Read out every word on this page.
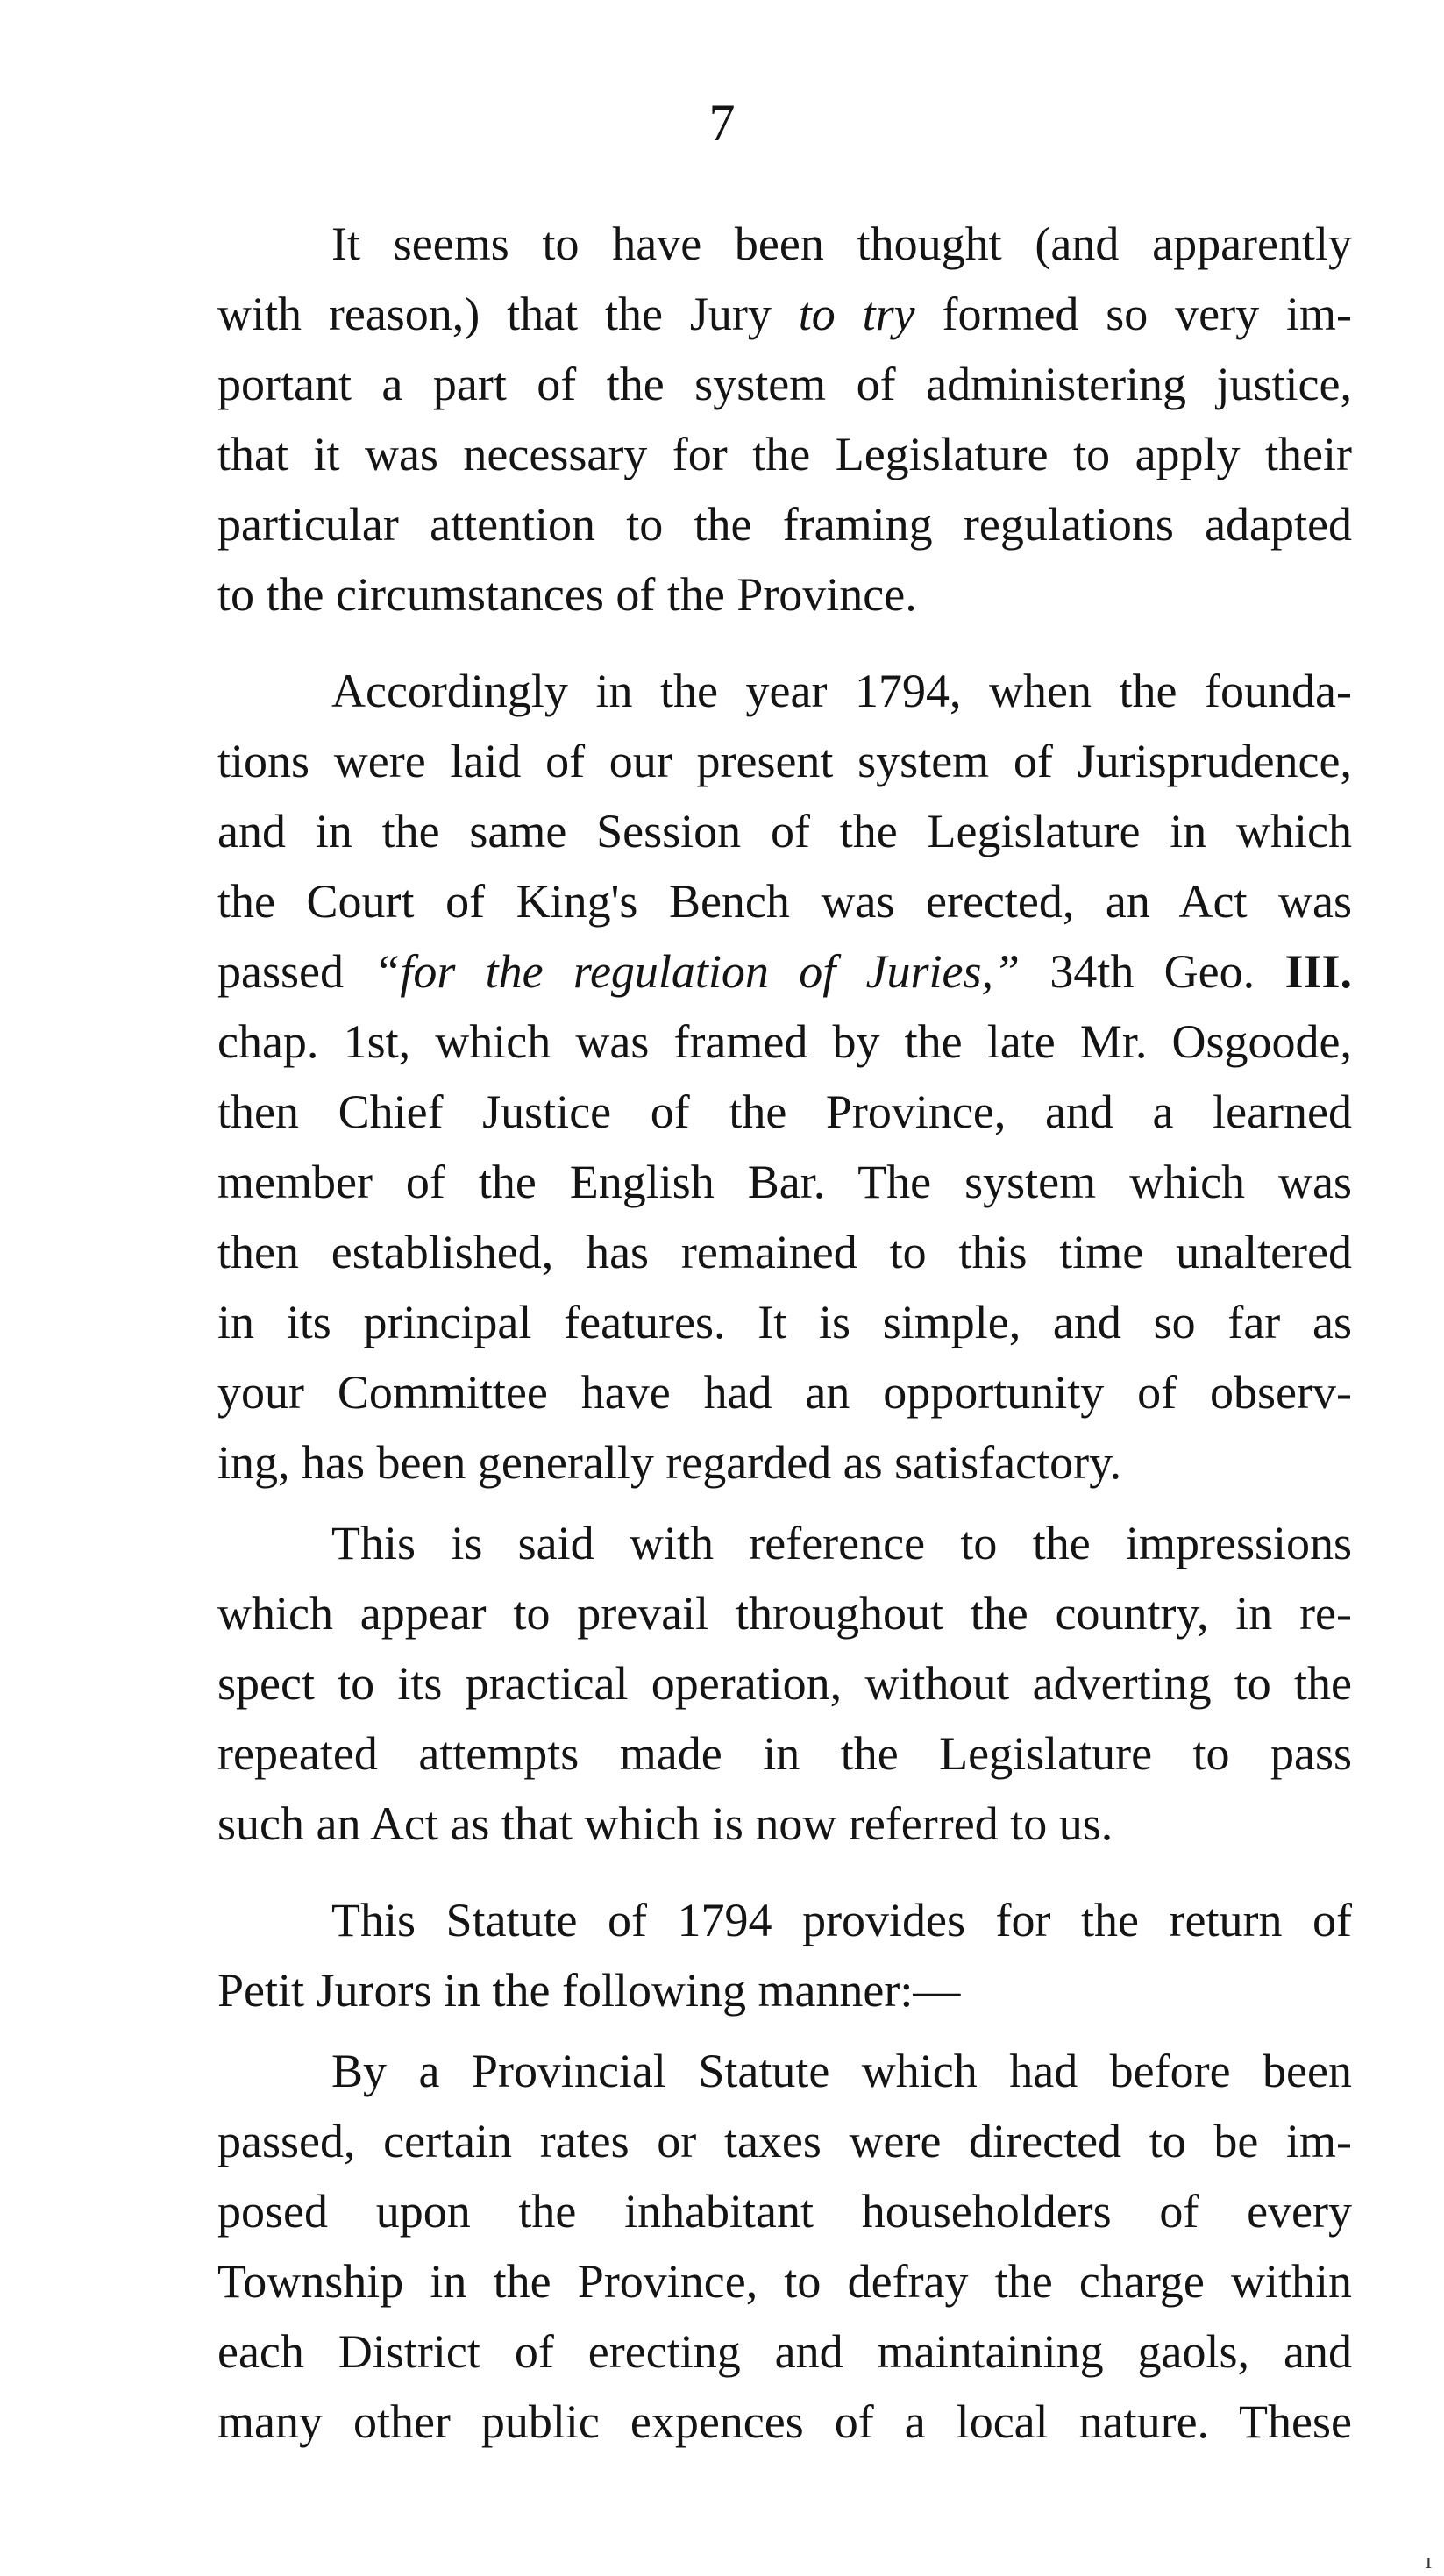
7

It seems to have been thought (and apparently
with reason,) that the Jury to try formed so very im-
portant a part of the system of administering justice,
that it was necessary for the Legislature to apply their
particular attention to the framing regulations adapted
to the circumstances of the Province.

Accordingly in the year 1794, when the founda-
tions were laid of our present system of Jurisprudence,
and in the same Session of the Legislature in which
the Court of King's Bench was erected, an Act was
passed “for the regulation of Juries,” 34th Geo. III.
chap. 1st, which was framed by the late Mr. Osgoode,
then Chief Justice of the Province, and a learned
member of the English Bar. The system which was
then established, has remained to this time unaltered
in its principal features. It is simple, and so far as
your Committee have had an opportunity of observ-
ing, has been generally regarded as satisfactory.

This is said with reference to the impressions
which appear to prevail throughout the country, in re-
spect to its practical operation, without adverting to the
repeated attempts made in the Legislature to pass
such an Act as that which is now referred to us.

This Statute of 1794 provides for the return of
Petit Jurors in the following manner:—

By a Provincial Statute which had before been
passed, certain rates or taxes were directed to be im-
posed upon the inhabitant householders of every
Township in the Province, to defray the charge within
each District of erecting and maintaining gaols, and
many other public expences of a local nature. These

ı
